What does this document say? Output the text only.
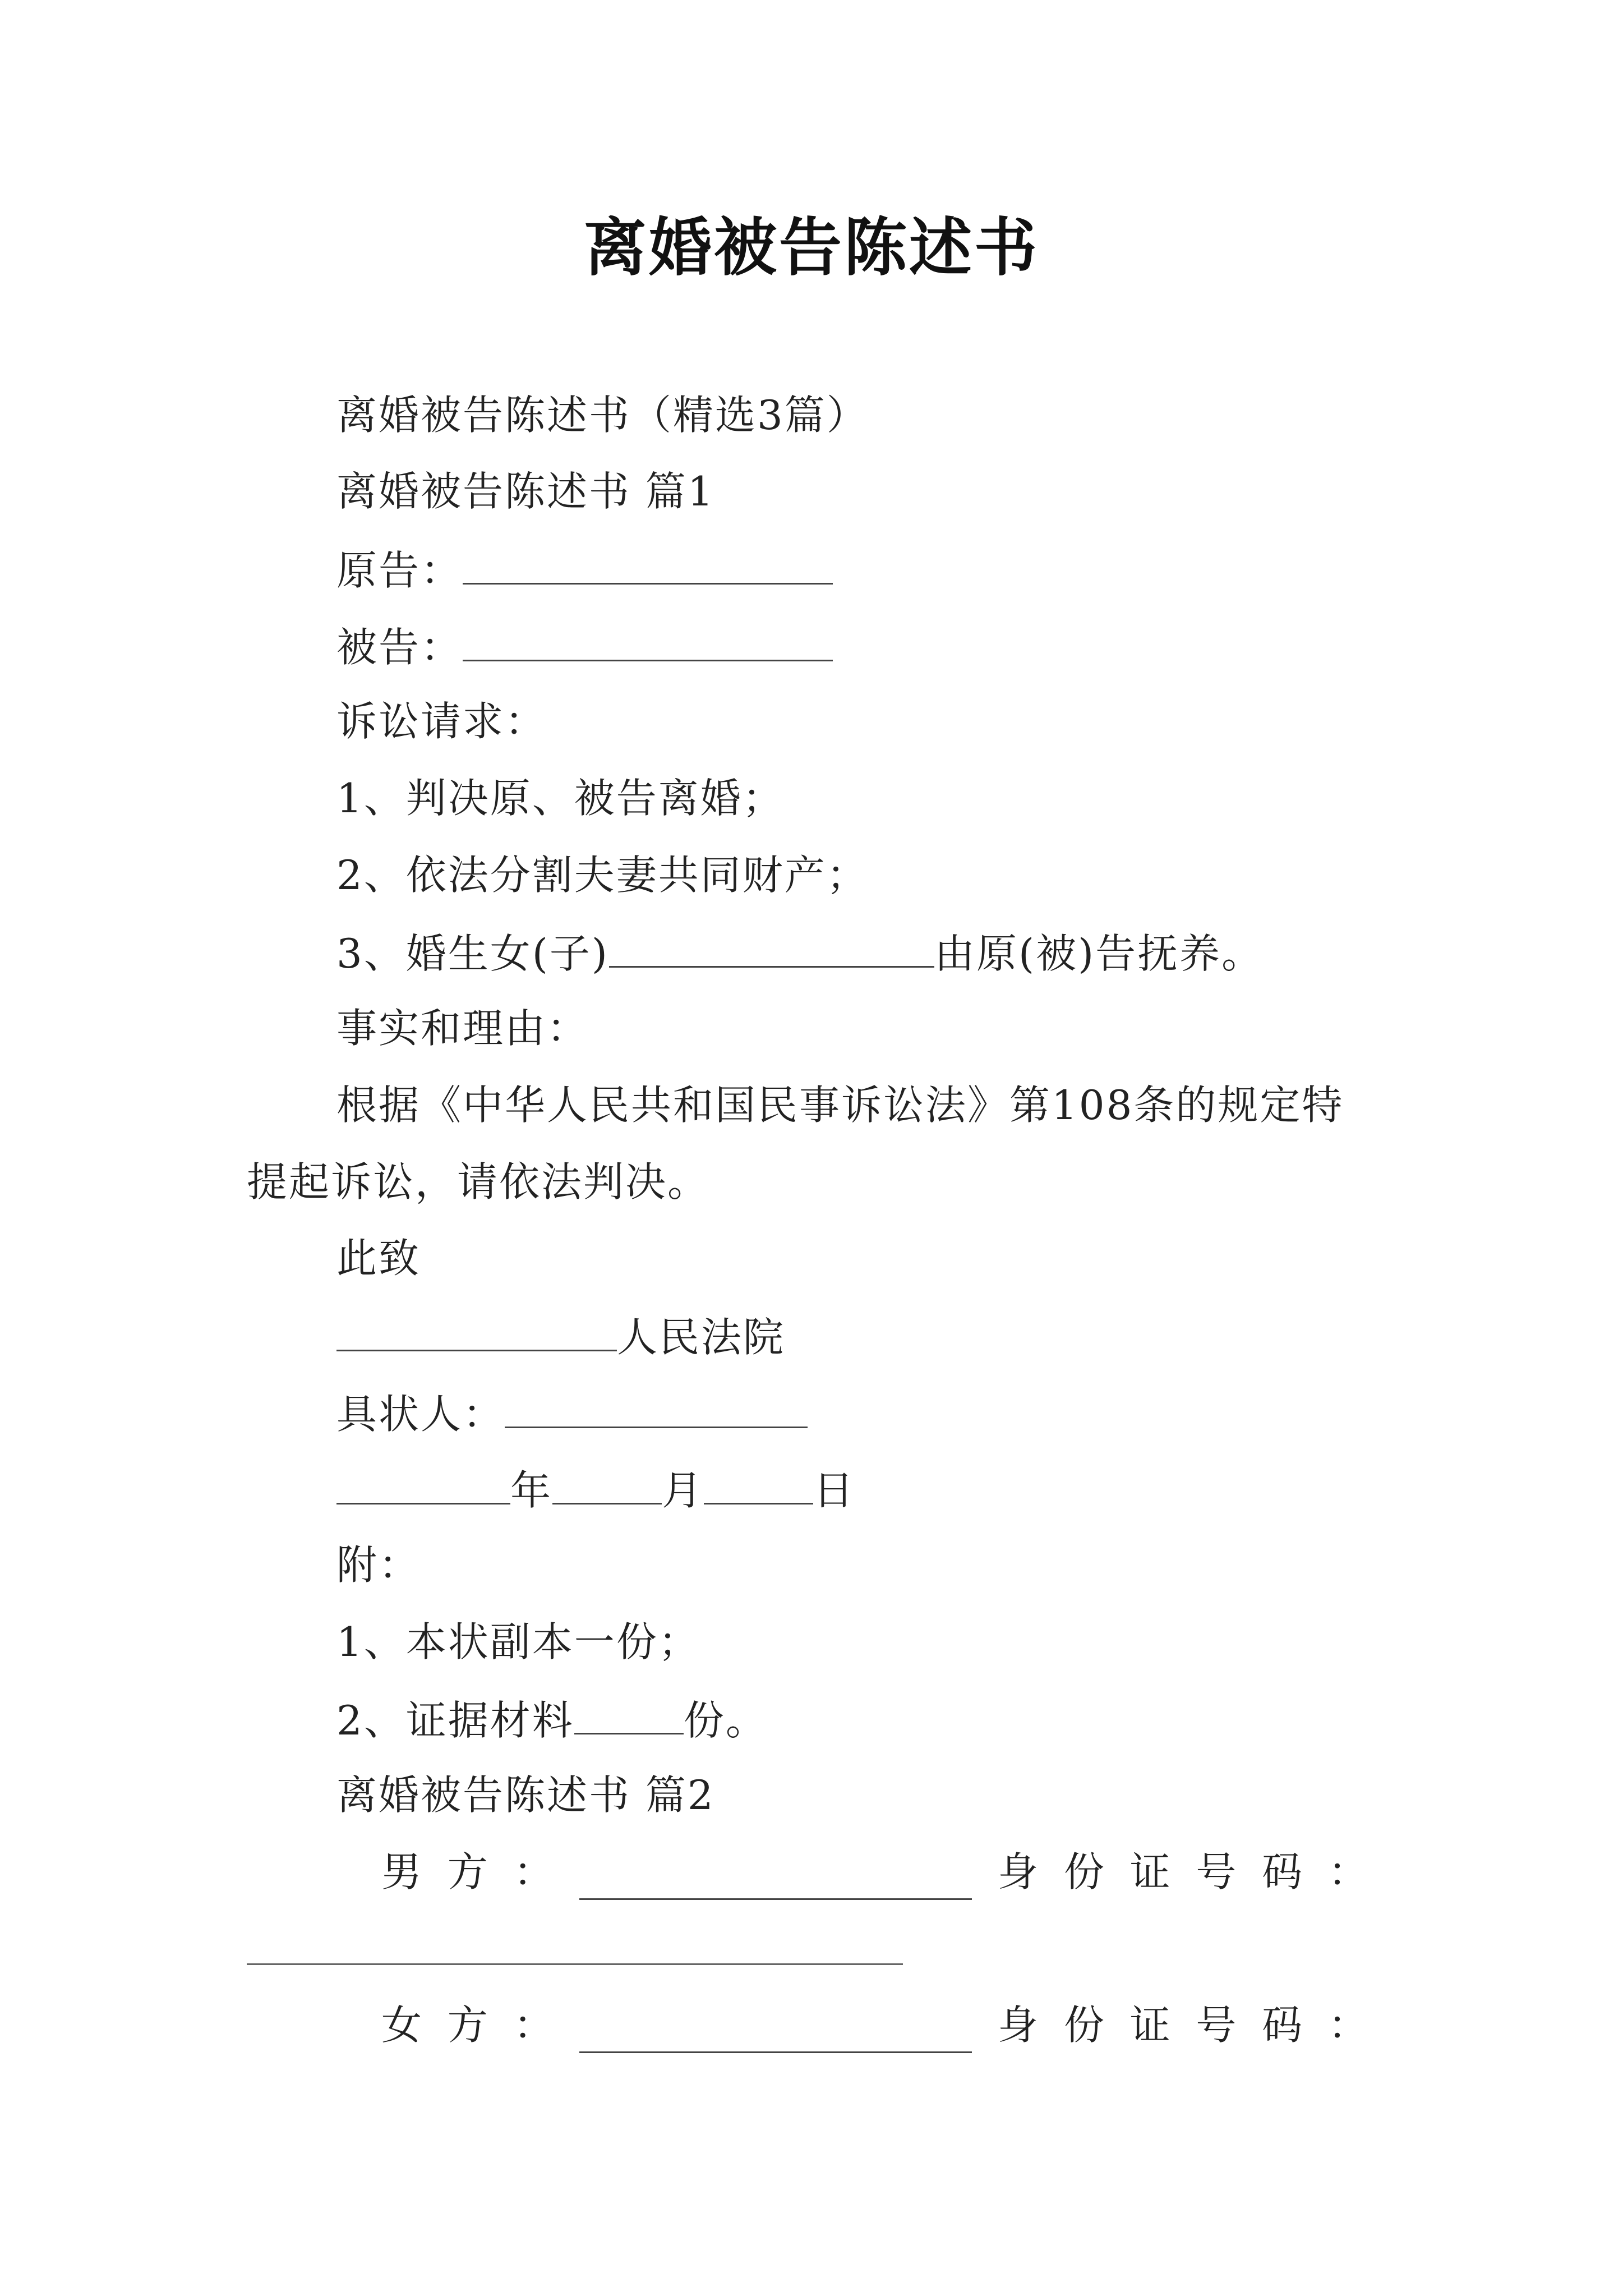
离婚被告陈述书
离婚被告陈述书（精选3篇）
离婚被告陈述书 篇1
原告：
被告：
诉讼请求：
1、判决原、被告离婚；
2、依法分割夫妻共同财产；
3、婚生女(子)	由原(被)告抚养。
事实和理由：
根据《中华人民共和国民事诉讼法》第108条的规定特
提起诉讼，请依法判决。
此致
人民法院
具状人：
年	月	日
附：
1、本状副本一份；
2、证据材料	份。
离婚被告陈述书 篇2
男 方 ：	身 份 证 号 码 ：
女 方 ：	身 份 证 号 码 ：
